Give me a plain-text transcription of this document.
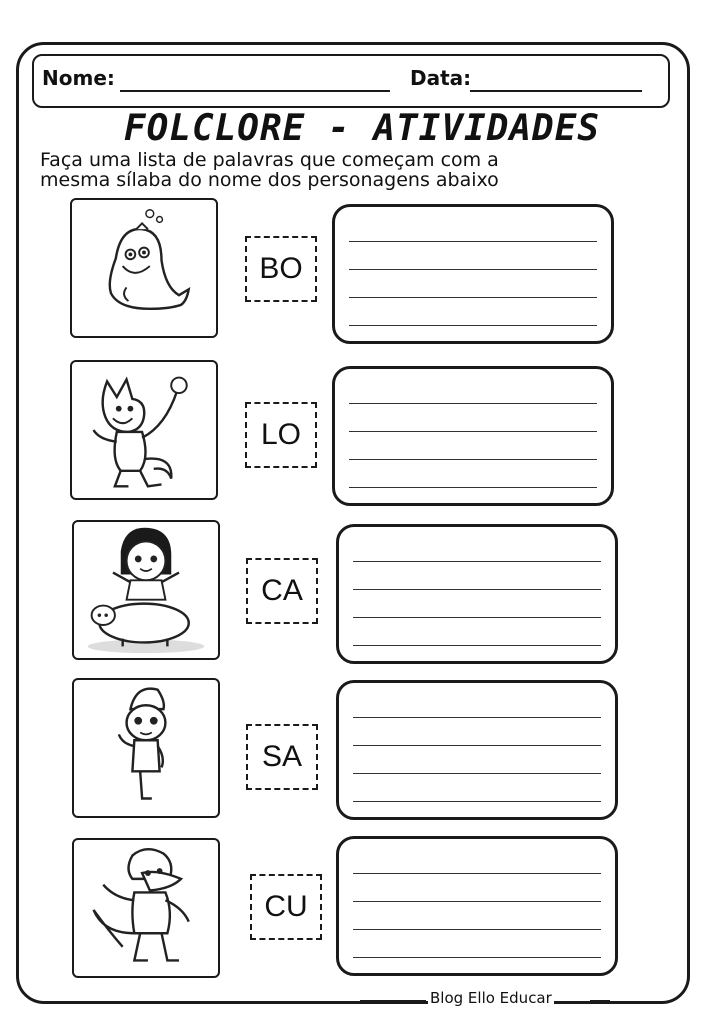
Nome:	Data:
FOLCLORE - ATIVIDADES
Faça uma lista de palavras que começam com a
mesma sílaba do nome dos personagens abaixo
BO
LO
CA
SA
CU
Blog Ello Educar
